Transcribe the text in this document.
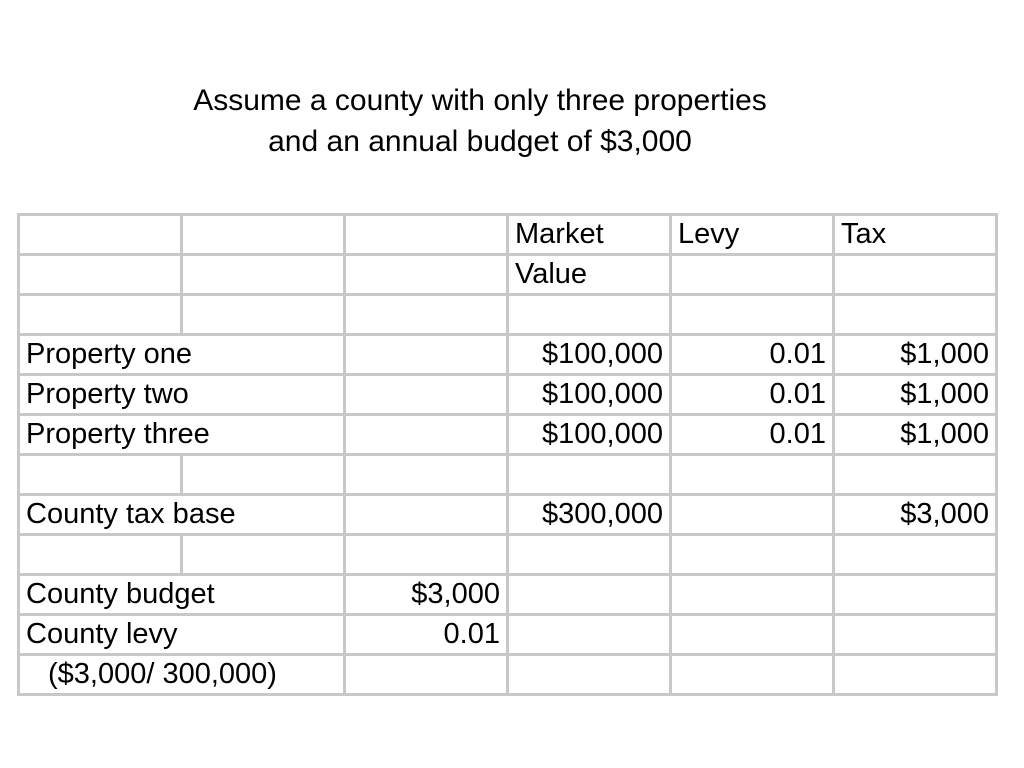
Assume a county with only three properties
and an annual budget of $3,000
			Market	Levy	Tax
			Value		

Property one			$100,000	0.01	$1,000
Property two			$100,000	0.01	$1,000
Property three			$100,000	0.01	$1,000

County tax base			$300,000		$3,000

County budget		$3,000			
County levy		0.01			
($3,000/ 300,000)					
